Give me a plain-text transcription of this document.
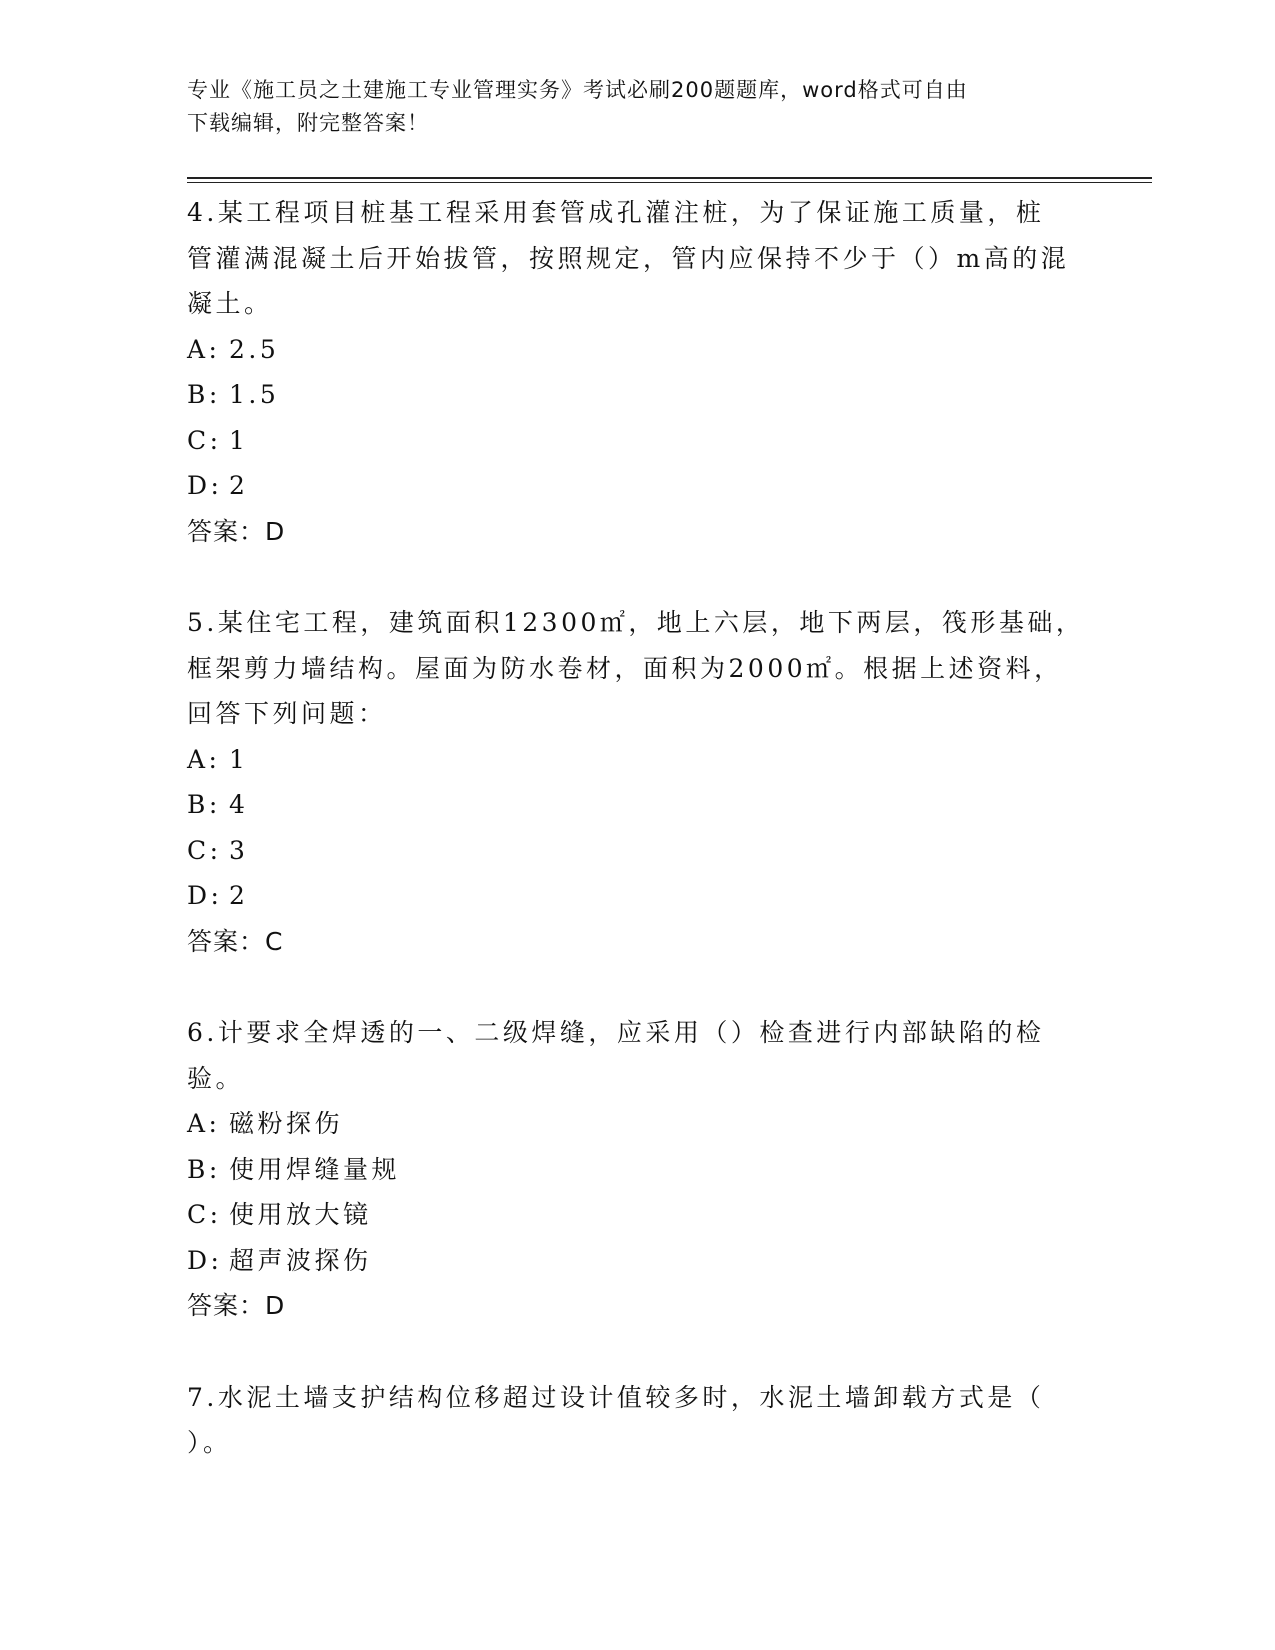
专业《施工员之土建施工专业管理实务》考试必刷200题题库，word格式可自由
下载编辑，附完整答案！
4.某工程项目桩基工程采用套管成孔灌注桩，为了保证施工质量，桩
管灌满混凝土后开始拔管，按照规定，管内应保持不少于（）m高的混
凝土。
A: 2.5
B: 1.5
C: 1
D: 2
答案：D
5.某住宅工程，建筑面积12300㎡，地上六层，地下两层，筏形基础，
框架剪力墙结构。屋面为防水卷材，面积为2000㎡。根据上述资料，
回答下列问题：
A: 1
B: 4
C: 3
D: 2
答案：C
6.计要求全焊透的一、二级焊缝，应采用（）检查进行内部缺陷的检
验。
A: 磁粉探伤
B: 使用焊缝量规
C: 使用放大镜
D: 超声波探伤
答案：D
7.水泥土墙支护结构位移超过设计值较多时，水泥土墙卸载方式是（
）。
